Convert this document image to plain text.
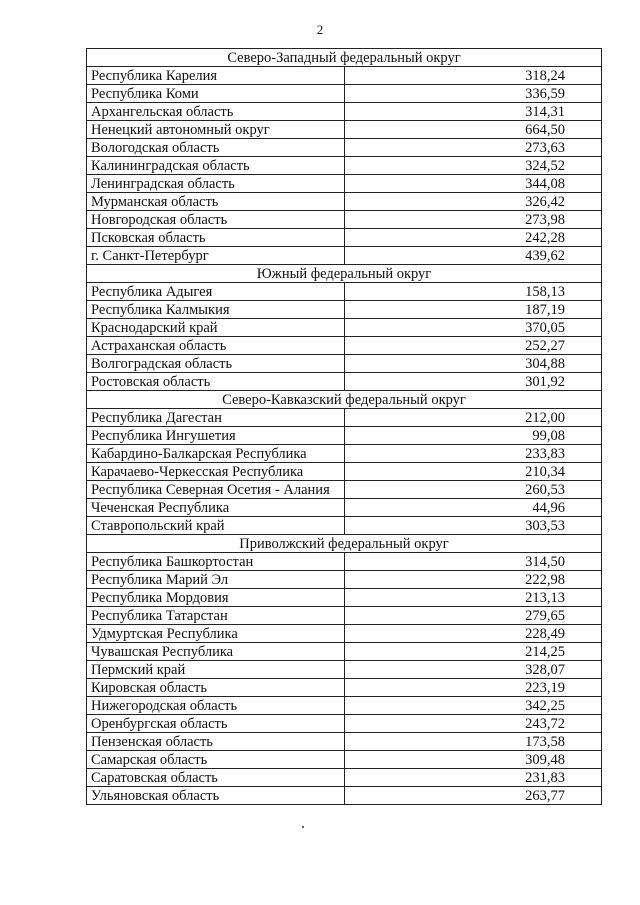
2
Северо-Западный федеральный округ	
Республика Карелия	318,24
Республика Коми	336,59
Архангельская область	314,31
Ненецкий автономный округ	664,50
Вологодская область	273,63
Калининградская область	324,52
Ленинградская область	344,08
Мурманская область	326,42
Новгородская область	273,98
Псковская область	242,28
г. Санкт-Петербург	439,62
Южный федеральный округ	
Республика Адыгея	158,13
Республика Калмыкия	187,19
Краснодарский край	370,05
Астраханская область	252,27
Волгоградская область	304,88
Ростовская область	301,92
Северо-Кавказский федеральный округ	
Республика Дагестан	212,00
Республика Ингушетия	99,08
Кабардино-Балкарская Республика	233,83
Карачаево-Черкесская Республика	210,34
Республика Северная Осетия - Алания	260,53
Чеченская Республика	44,96
Ставропольский край	303,53
Приволжский федеральный округ	
Республика Башкортостан	314,50
Республика Марий Эл	222,98
Республика Мордовия	213,13
Республика Татарстан	279,65
Удмуртская Республика	228,49
Чувашская Республика	214,25
Пермский край	328,07
Кировская область	223,19
Нижегородская область	342,25
Оренбургская область	243,72
Пензенская область	173,58
Самарская область	309,48
Саратовская область	231,83
Ульяновская область	263,77
